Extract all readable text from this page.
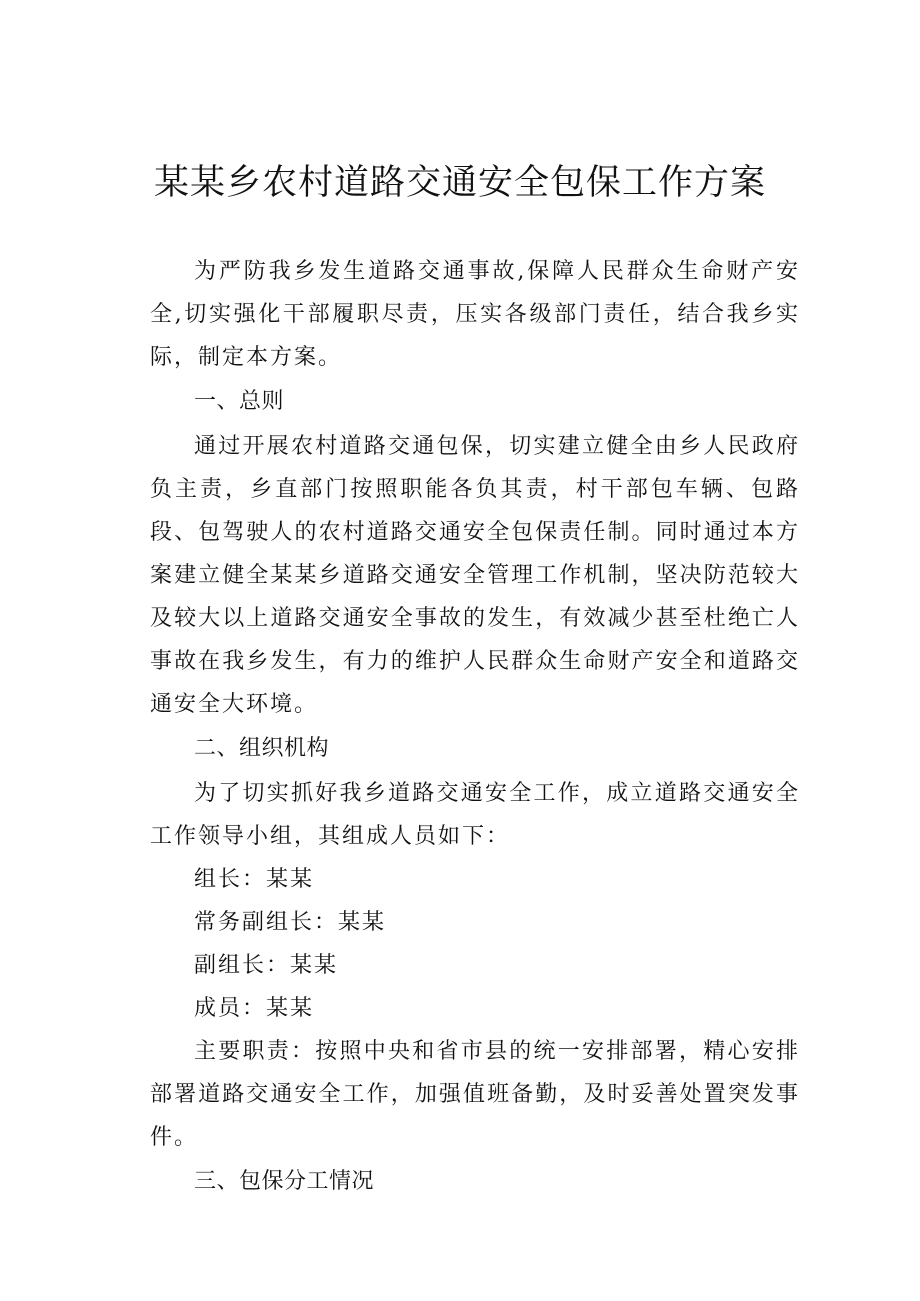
某某乡农村道路交通安全包保工作方案

为严防我乡发生道路交通事故,保障人民群众生命财产安全,切实强化干部履职尽责，压实各级部门责任，结合我乡实际，制定本方案。

一、总则

通过开展农村道路交通包保，切实建立健全由乡人民政府负主责，乡直部门按照职能各负其责，村干部包车辆、包路段、包驾驶人的农村道路交通安全包保责任制。同时通过本方案建立健全某某乡道路交通安全管理工作机制，坚决防范较大及较大以上道路交通安全事故的发生，有效减少甚至杜绝亡人事故在我乡发生，有力的维护人民群众生命财产安全和道路交通安全大环境。

二、组织机构

为了切实抓好我乡道路交通安全工作，成立道路交通安全工作领导小组，其组成人员如下：

组长：某某

常务副组长：某某

副组长：某某

成员：某某

主要职责：按照中央和省市县的统一安排部署，精心安排部署道路交通安全工作，加强值班备勤，及时妥善处置突发事件。

三、包保分工情况
